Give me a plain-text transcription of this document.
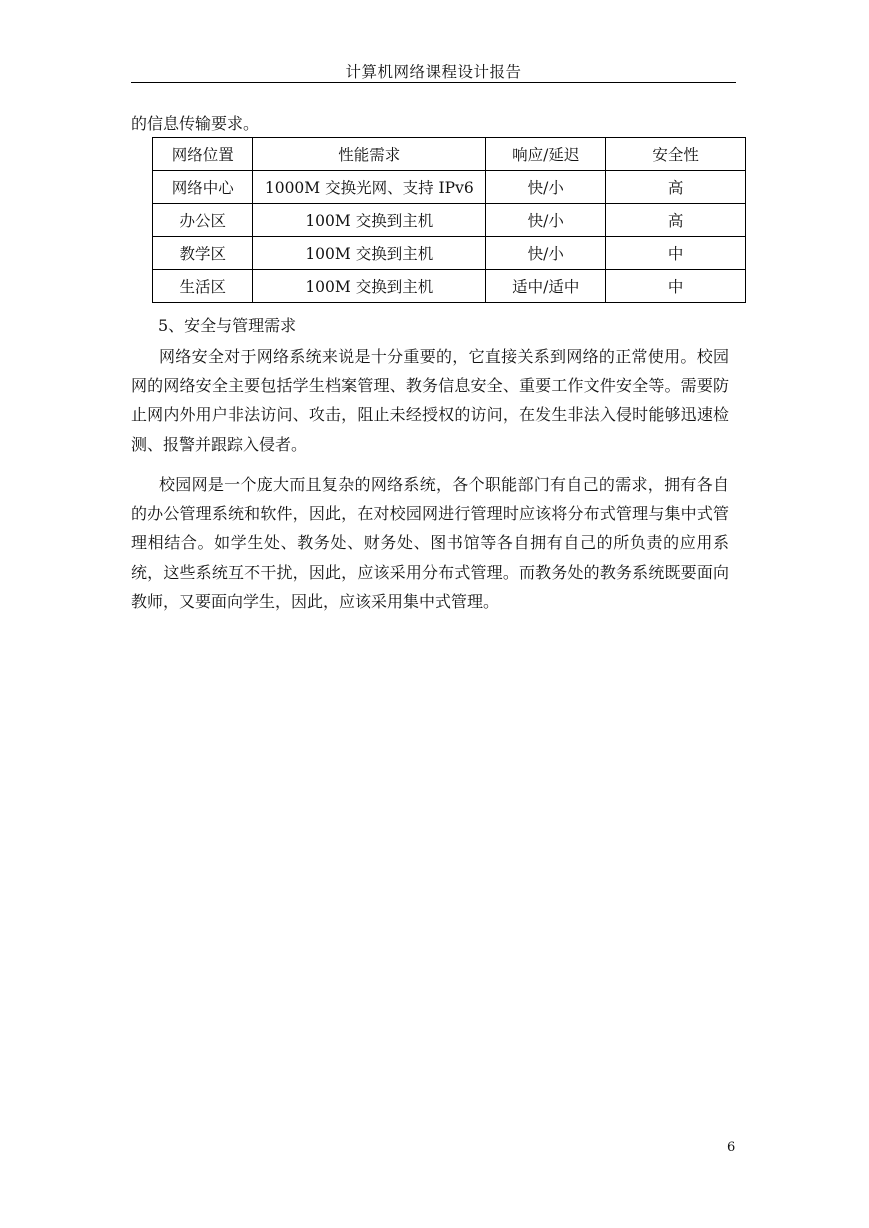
计算机网络课程设计报告
的信息传输要求。
网络位置	性能需求	响应/延迟	安全性
网络中心	1000M 交换光网、支持 IPv6	快/小	高
办公区	100M 交换到主机	快/小	高
教学区	100M 交换到主机	快/小	中
生活区	100M 交换到主机	适中/适中	中
5、安全与管理需求
网络安全对于网络系统来说是十分重要的，它直接关系到网络的正常使用。校园网的网络安全主要包括学生档案管理、教务信息安全、重要工作文件安全等。需要防止网内外用户非法访问、攻击，阻止未经授权的访问，在发生非法入侵时能够迅速检测、报警并跟踪入侵者。
校园网是一个庞大而且复杂的网络系统，各个职能部门有自己的需求，拥有各自的办公管理系统和软件，因此，在对校园网进行管理时应该将分布式管理与集中式管理相结合。如学生处、教务处、财务处、图书馆等各自拥有自己的所负责的应用系统，这些系统互不干扰，因此，应该采用分布式管理。而教务处的教务系统既要面向教师，又要面向学生，因此，应该采用集中式管理。
6
